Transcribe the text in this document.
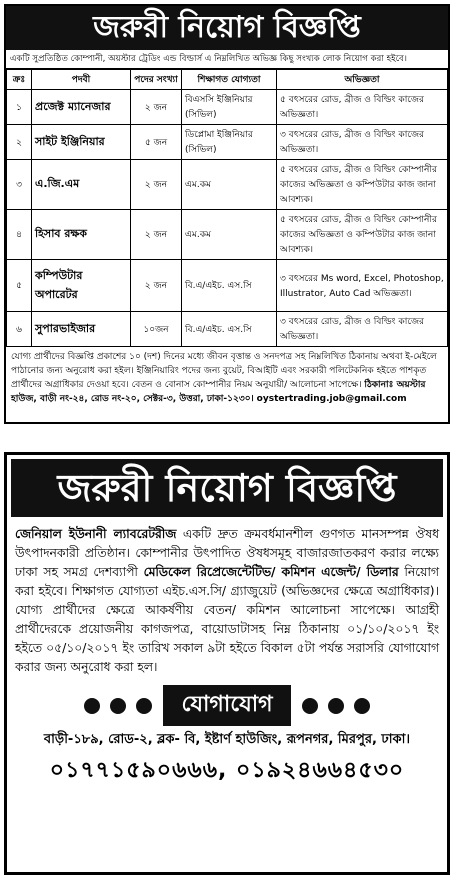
জরুরী নিয়োগ বিজ্ঞপ্তি
একটি সুপ্রতিষ্ঠিত কোম্পানী, অয়স্টার ট্রেডিং এন্ড বিল্ডার্স এ নিম্নলিখিত অভিজ্ঞ কিছু সংখ্যক লোক নিয়োগ করা হইবে।
ক্রঃ	পদবী	পদের সংখ্যা	শিক্ষাগত যোগ্যতা	অভিজ্ঞতা
১	প্রজেক্ট ম্যানেজার	২ জন	বিএসসি ইঞ্জিনিয়ার (সিভিল)	৫ বৎসরের রোড, ব্রীজ ও বিল্ডিং কাজের অভিজ্ঞতা।
২	সাইট ইঞ্জিনিয়ার	৫ জন	ডিপ্লোমা ইঞ্জিনিয়ার (সিভিল)	৩ বৎসরের রোড, ব্রীজ ও বিল্ডিং কাজের অভিজ্ঞতা।
৩	এ.জি.এম	২ জন	এম.কম	৫ বৎসরের রোড, ব্রীজ ও বিল্ডিং কোম্পানীর কাজের অভিজ্ঞতা ও কম্পিউটার কাজ জানা আবশ্যক।
৪	হিসাব রক্ষক	২ জন	এম.কম	৫ বৎসরের রোড, ব্রীজ ও বিল্ডিং কোম্পানীর কাজের অভিজ্ঞতা ও কম্পিউটার কাজ জানা আবশ্যক।
৫	কম্পিউটার অপারেটর	২ জন	বি.এ/এইচ. এস.সি	৩ বৎসরের Ms word, Excel, Photoshop, Illustrator, Auto Cad অভিজ্ঞতা।
৬	সুপারভাইজার	১০জন	বি.এ/এইচ. এস.সি	৩ বৎসরের রোড, ব্রীজ ও বিল্ডিং কাজের অভিজ্ঞতা।
যোগ্য প্রার্থীদের বিজ্ঞপ্তি প্রকাশের ১০ (দশ) দিনের মধ্যে জীবন বৃত্তান্ত ও সনদপত্র সহ নিম্নলিখিত ঠিকানায় অথবা ই-মেইলে পাঠানোর জন্য অনুরোধ করা হইল। ইঞ্জিনিয়ারিং পদের জন্য বুয়েট, বিআইটি এবং সরকারী পলিটেকনিক হইতে পাশকৃত প্রার্থীদের অগ্রাধিকার দেওয়া হবে। বেতন ও বোনাস কোম্পানীর নিয়ম অনুযায়ী/ আলোচনা সাপেক্ষে। ঠিকানাঃ অয়স্টার হাউজ, বাড়ী নং-২৪, রোড নং-২০, সেক্টর-৩, উত্তরা, ঢাকা-১২৩০। oystertrading.job@gmail.com
জরুরী নিয়োগ বিজ্ঞপ্তি
জেনিয়াল ইউনানী ল্যাবরেটরীজ একটি দ্রুত ক্রমবর্ধমানশীল গুণগত মানসম্পন্ন ঔষধ উৎপাদনকারী প্রতিষ্ঠান। কোম্পানীর উৎপাদিত ঔষধসমূহ বাজারজাতকরণ করার লক্ষ্যে ঢাকা সহ সমগ্র দেশব্যাপী মেডিকেল রিপ্রেজেন্টেটিভ/ কমিশন এজেন্ট/ ডিলার নিয়োগ করা হইবে। শিক্ষাগত যোগ্যতা এইচ.এস.সি/ গ্র্যাজুয়েট (অভিজ্ঞদের ক্ষেত্রে অগ্রাধিকার)। যোগ্য প্রার্থীদের ক্ষেত্রে আকর্ষণীয় বেতন/ কমিশন আলোচনা সাপেক্ষে। আগ্রহী প্রার্থীদেরকে প্রয়োজনীয় কাগজপত্র, বায়োডাটাসহ নিম্ন ঠিকানায় ০১/১০/২০১৭ ইং হইতে ০৫/১০/২০১৭ ইং তারিখ সকাল ৯টা হইতে বিকাল ৫টা পর্যন্ত সরাসরি যোগাযোগ করার জন্য অনুরোধ করা হল।
যোগাযোগ
বাড়ী-১৮৯, রোড-২, ব্লক- বি, ইষ্টার্ণ হাউজিং, রূপনগর, মিরপুর, ঢাকা।
০১৭৭১৫৯০৬৬৬, ০১৯২৪৬৬৪৫৩০
